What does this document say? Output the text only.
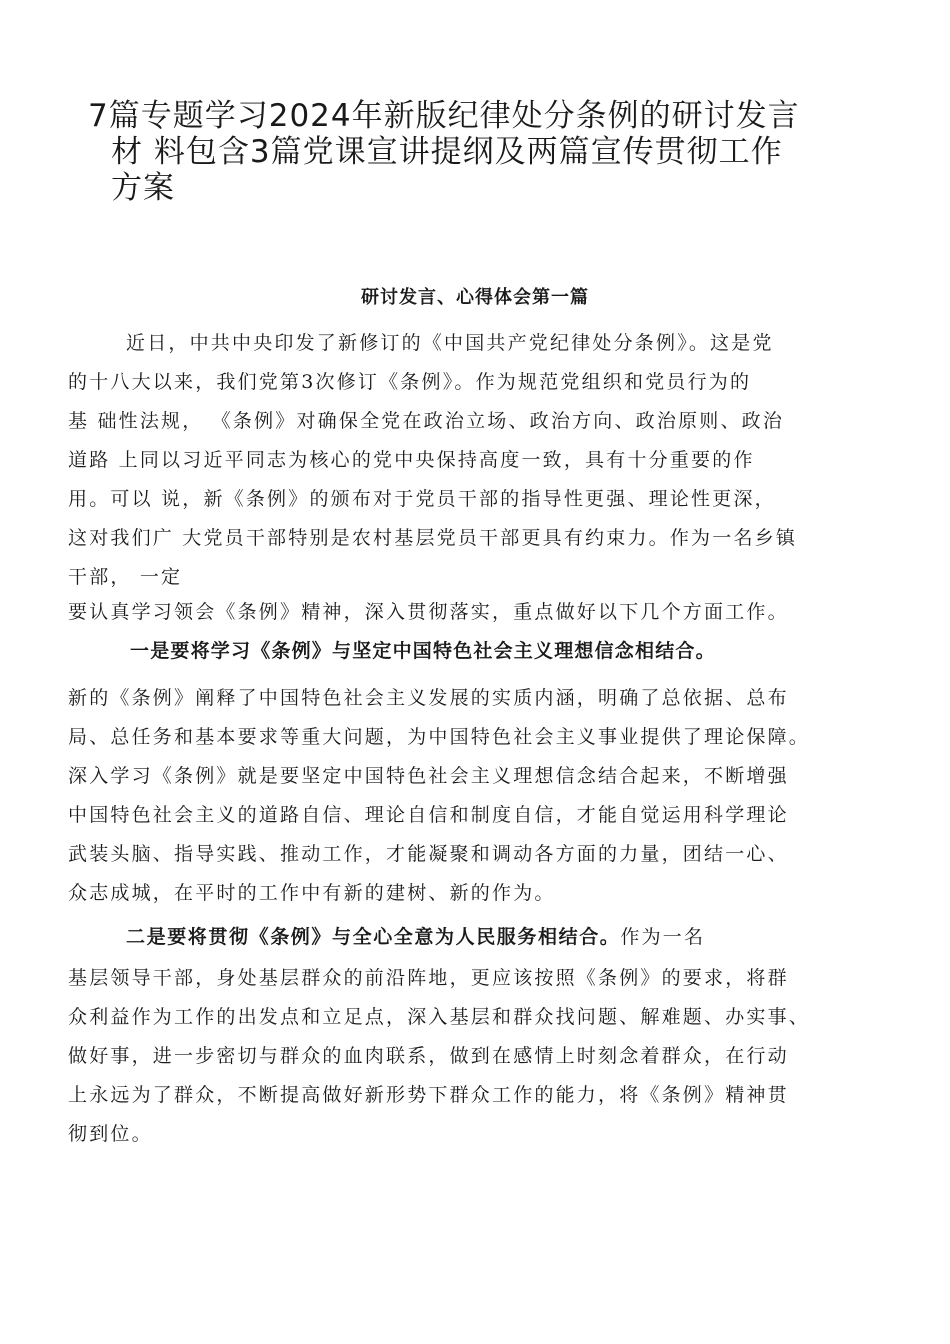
7篇专题学习2024年新版纪律处分条例的研讨发言
材 料包含3篇党课宣讲提纲及两篇宣传贯彻工作
方案
研讨发言、心得体会第一篇

近日，中共中央印发了新修订的《中国共产党纪律处分条例》。这是党

的十八大以来，我们党第3次修订《条例》。作为规范党组织和党员行为的

基 础性法规， 《条例》对确保全党在政治立场、政治方向、政治原则、政治

道路 上同以习近平同志为核心的党中央保持高度一致，具有十分重要的作

用。可以 说，新《条例》的颁布对于党员干部的指导性更强、理论性更深，

这对我们广 大党员干部特别是农村基层党员干部更具有约束力。作为一名乡镇

干部， 一定

要认真学习领会《条例》精神，深入贯彻落实，重点做好以下几个方面工作。

一是要将学习《条例》与坚定中国特色社会主义理想信念相结合。

新的《条例》阐释了中国特色社会主义发展的实质内涵，明确了总依据、总布

局、总任务和基本要求等重大问题，为中国特色社会主义事业提供了理论保障。

深入学习《条例》就是要坚定中国特色社会主义理想信念结合起来，不断增强

中国特色社会主义的道路自信、理论自信和制度自信，才能自觉运用科学理论

武装头脑、指导实践、推动工作，才能凝聚和调动各方面的力量，团结一心、

众志成城，在平时的工作中有新的建树、新的作为。

二是要将贯彻《条例》与全心全意为人民服务相结合。作为一名

基层领导干部，身处基层群众的前沿阵地，更应该按照《条例》的要求，将群

众利益作为工作的出发点和立足点，深入基层和群众找问题、解难题、办实事、

做好事，进一步密切与群众的血肉联系，做到在感情上时刻念着群众，在行动

上永远为了群众，不断提高做好新形势下群众工作的能力，将《条例》精神贯

彻到位。
